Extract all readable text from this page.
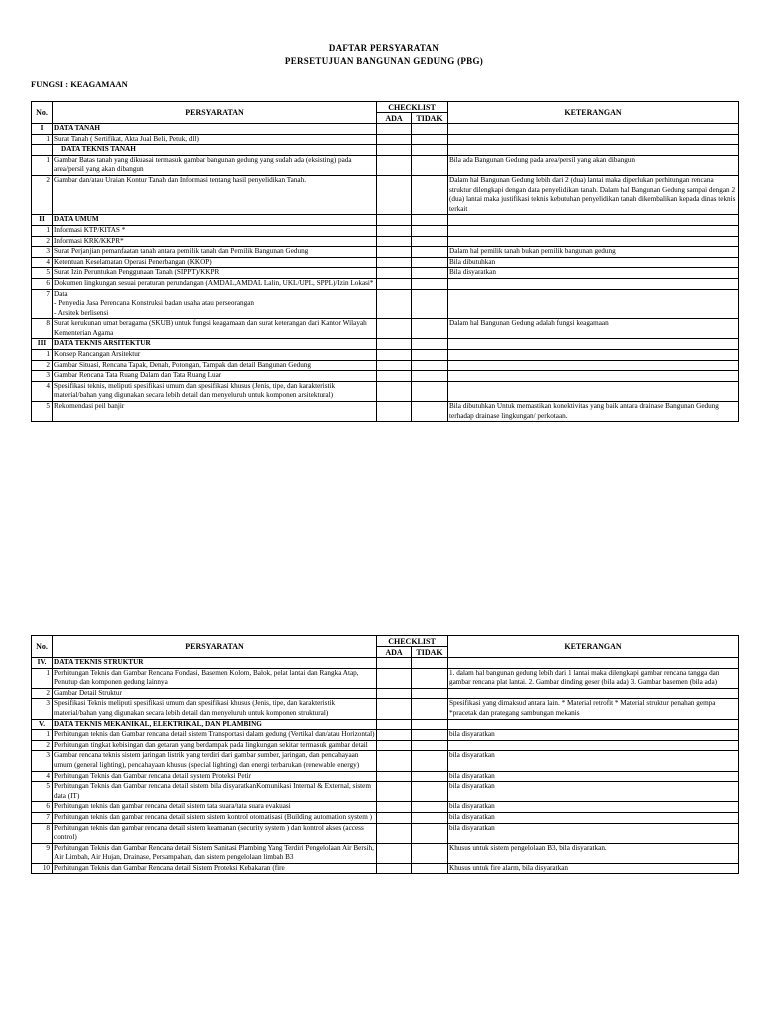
DAFTAR PERSYARATAN
PERSETUJUAN BANGUNAN GEDUNG (PBG)
FUNGSI : KEAGAMAAN
No.	PERSYARATAN	CHECKLIST		KETERANGAN
		ADA	TIDAK	
I	DATA TANAH			
1	Surat Tanah ( Sertifikat, Akta Jual Beli, Petuk, dll)			
	DATA TEKNIS TANAH			
1	Gambar Batas tanah yang dikuasai termasuk gambar bangunan gedung yang sudah ada (eksisting) pada area/persil yang akan dibangun			Bila ada Bangunan Gedung pada area/persil yang akan dibangun
2	Gambar dan/atau Uraian Kontur Tanah dan Informasi tentang hasil penyelidikan Tanah.			Dalam hal Bangunan Gedung lebih dari 2 (dua) lantai maka diperlukan perhitungan rencana struktur dilengkapi dengan data penyelidikan tanah. Dalam hal Bangunan Gedung sampai dengan 2 (dua) lantai maka justifikasi teknis kebutuhan penyelidikan tanah dikembalikan kepada dinas teknis terkait
II	DATA UMUM			
1	Informasi KTP/KITAS *			
2	Informasi KRK/KKPR*			
3	Surat Perjanjian pemanfaatan tanah antara pemilik tanah dan Pemilik Bangunan Gedung			Dalam hal pemilik tanah bukan pemilik bangunan gedung
4	Ketentuan Keselamatan Operasi Penerbangan (KKOP)			Bila dibutuhkan
5	Surat Izin Peruntukan Penggunaan Tanah (SIPPT)/KKPR			Bila disyaratkan
6	Dokumen lingkungan sesuai peraturan perundangan (AMDAL,AMDAL Lalin, UKL/UPL, SPPL)/Izin Lokasi*			
7	Data
- Penyedia Jasa Perencana Konstruksi badan usaha atau perseorangan
- Arsitek berlisensi			
8	Surat kerukunan umat beragama (SKUB) untuk fungsi keagamaan dan surat keterangan dari Kantor Wilayah Kementerian Agama			Dalam hal Bangunan Gedung adalah fungsi keagamaan
III	DATA TEKNIS ARSITEKTUR			
1	Konsep Rancangan Arsitektur			
2	Gambar Situasi, Rencana Tapak, Denah, Potongan, Tampak dan detail Bangunan Gedung			
3	Gambar Rencana Tata Ruang Dalam dan Tata Ruang Luar			
4	Spesifikasi teknis, meliputi spesifikasi umum dan spesifikasi khusus (Jenis, tipe, dan karakteristik material/bahan yang digunakan secara lebih detail dan menyeluruh untuk komponen arsitektural)			
5	Rekomendasi peil banjir			Bila dibutuhkan Untuk memastikan konektivitas yang baik antara drainase Bangunan Gedung terhadap drainase lingkungan/ perkotaan.
No.	PERSYARATAN	CHECKLIST		KETERANGAN
		ADA	TIDAK	
IV.	DATA TEKNIS STRUKTUR			
1	Perhitungan Teknis dan Gambar Rencana Fondasi, Basemen Kolom, Balok, pelat lantai dan Rangka Atap, Penutup dan komponen gedung lainnya			1. dalam hal bangunan gedung lebih dari 1 lantai maka dilengkapi gambar rencana tangga dan gambar rencana plat lantai. 2. Gambar dinding geser (bila ada) 3. Gambar basemen (bila ada)
2	Gambar Detail Struktur			
3	Spesifikasi Teknis meliputi spesifikasi umum dan spesifikasi khusus (Jenis, tipe, dan karakteristik material/bahan yang digunakan secara lebih detail dan menyeluruh untuk komponen struktural)			Spesifikasi yang dimaksud antara lain. * Material retrofit * Material struktur penahan gempa *pracetak dan prategang sambungan mekanis
V.	DATA TEKNIS MEKANIKAL, ELEKTRIKAL, DAN PLAMBING			
1	Perhitungan teknis dan Gambar rencana detail sistem Transportasi dalam gedung (Vertikal dan/atau Horizontal)			bila disyaratkan
2	Perhitungan tingkat kebisingan dan getaran yang berdampak pada lingkungan sekitar termasuk gambar detail			
3	Gambar rencana teknis sistem jaringan listrik yang terdiri dari gambar sumber, jaringan, dan pencahayaan umum (general lighting), pencahayaan khusus (special lighting) dan energi terbarukan (renewable energy)			bila disyaratkan
4	Perhitungan Teknis dan Gambar rencana detail system Proteksi Petir			bila disyaratkan
5	Perhitungan Teknis dan Gambar rencana detail sistem bila disyaratkanKomunikasi Internal & External, sistem data (IT)			bila disyaratkan
6	Perhitungan teknis dan gambar rencana detail sistem tata suara/tata suara evakuasi			bila disyaratkan
7	Perhitungan teknis dan gambar rencana detail sistem sistem kontrol otomatisasi (Building automation system )			bila disyaratkan
8	Perhitungan teknis dan gambar rencana detail sistem keamanan (security system ) dan kontrol akses (access control)			bila disyaratkan
9	Perhitungan Teknis dan Gambar Rencana detail Sistem Sanitasi Plambing Yang Terdiri Pengelolaan Air Bersih, Air Limbah, Air Hujan, Drainase, Persampahan, dan sistem pengelolaan limbah B3			Khusus untuk sistem pengelolaan B3, bila disyaratkan.
10	Perhitungan Teknis dan Gambar Rencana detail Sistem Proteksi Kebakaran (fire			Khusus untuk fire alarm, bila disyaratkan
